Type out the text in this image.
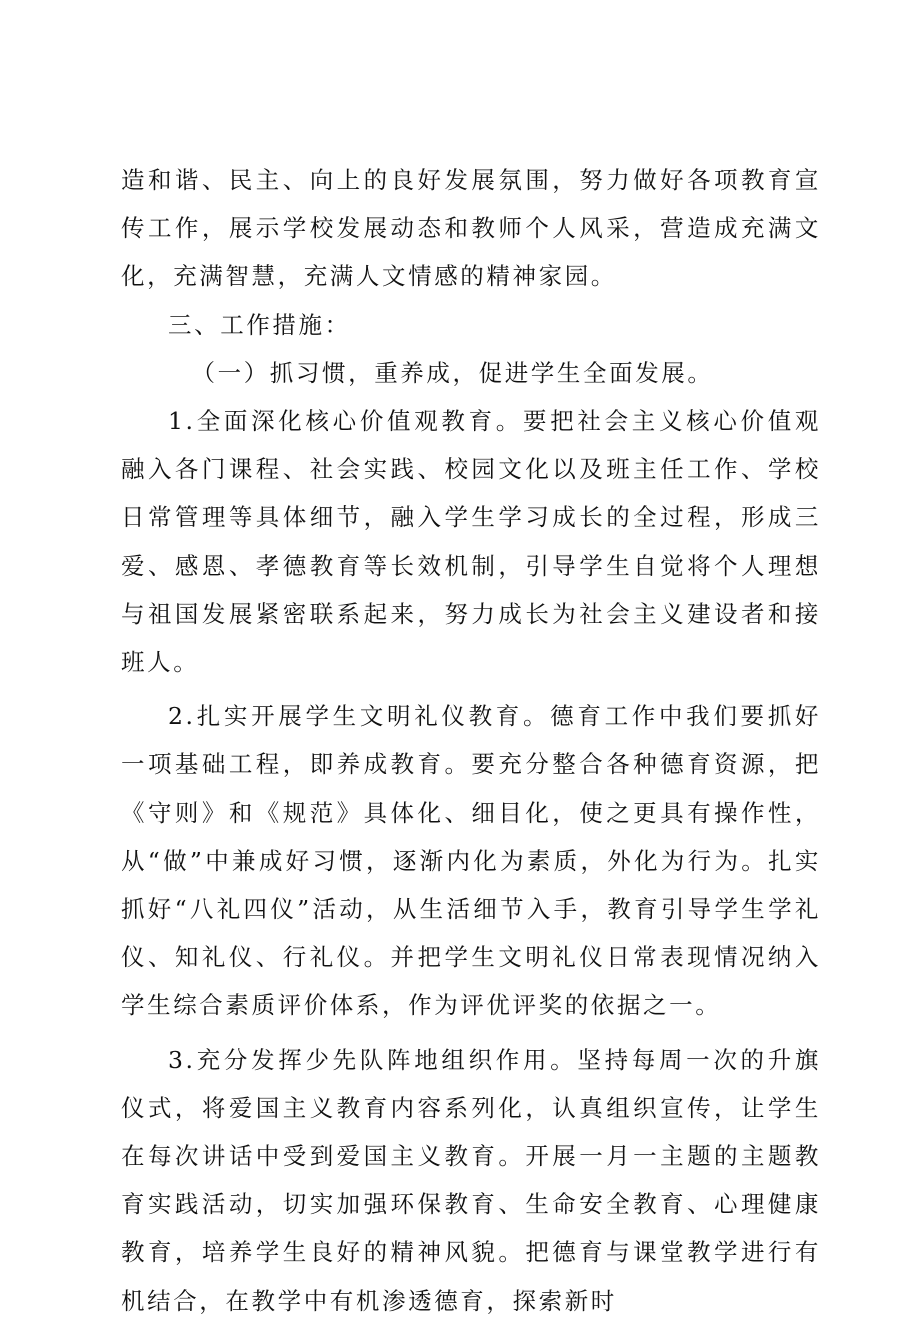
造和谐、民主、向上的良好发展氛围，努力做好各项教育宣传工作，展示学校发展动态和教师个人风采，营造成充满文化，充满智慧，充满人文情感的精神家园。

三、工作措施：

（一）抓习惯，重养成，促进学生全面发展。

1.全面深化核心价值观教育。要把社会主义核心价值观融入各门课程、社会实践、校园文化以及班主任工作、学校日常管理等具体细节，融入学生学习成长的全过程，形成三爱、感恩、孝德教育等长效机制，引导学生自觉将个人理想与祖国发展紧密联系起来，努力成长为社会主义建设者和接班人。

2.扎实开展学生文明礼仪教育。德育工作中我们要抓好一项基础工程，即养成教育。要充分整合各种德育资源，把《守则》和《规范》具体化、细目化，使之更具有操作性，从“做”中兼成好习惯，逐渐内化为素质，外化为行为。扎实抓好“八礼四仪”活动，从生活细节入手，教育引导学生学礼仪、知礼仪、行礼仪。并把学生文明礼仪日常表现情况纳入学生综合素质评价体系，作为评优评奖的依据之一。

3.充分发挥少先队阵地组织作用。坚持每周一次的升旗仪式，将爱国主义教育内容系列化，认真组织宣传，让学生在每次讲话中受到爱国主义教育。开展一月一主题的主题教育实践活动，切实加强环保教育、生命安全教育、心理健康教育，培养学生良好的精神风貌。把德育与课堂教学进行有机结合，在教学中有机渗透德育，探索新时
